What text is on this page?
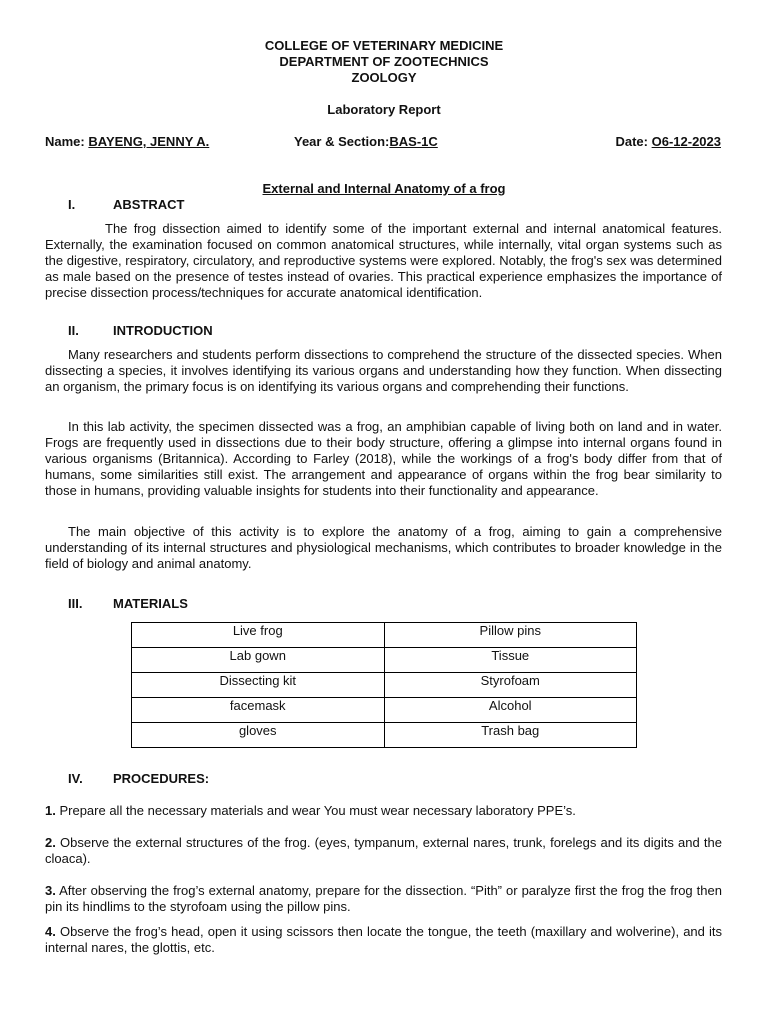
COLLEGE OF VETERINARY MEDICINE
DEPARTMENT OF ZOOTECHNICS
ZOOLOGY
Laboratory Report
Name: BAYENG, JENNY A.	Year & Section:BAS-1C	Date: O6-12-2023
External and Internal Anatomy of a frog
I.	ABSTRACT

The frog dissection aimed to identify some of the important external and internal anatomical features. Externally, the examination focused on common anatomical structures, while internally, vital organ systems such as the digestive, respiratory, circulatory, and reproductive systems were explored. Notably, the frog's sex was determined as male based on the presence of testes instead of ovaries. This practical experience emphasizes the importance of precise dissection process/techniques for accurate anatomical identification.

II.	INTRODUCTION

Many researchers and students perform dissections to comprehend the structure of the dissected species. When dissecting a species, it involves identifying its various organs and understanding how they function. When dissecting an organism, the primary focus is on identifying its various organs and comprehending their functions.

In this lab activity, the specimen dissected was a frog, an amphibian capable of living both on land and in water. Frogs are frequently used in dissections due to their body structure, offering a glimpse into internal organs found in various organisms (Britannica). According to Farley (2018), while the workings of a frog's body differ from that of humans, some similarities still exist. The arrangement and appearance of organs within the frog bear similarity to those in humans, providing valuable insights for students into their functionality and appearance.

The main objective of this activity is to explore the anatomy of a frog, aiming to gain a comprehensive understanding of its internal structures and physiological mechanisms, which contributes to broader knowledge in the field of biology and animal anatomy.

III. MATERIALS
Live frog	Pillow pins
Lab gown	Tissue
Dissecting kit	Styrofoam
facemask	Alcohol
gloves	Trash bag
IV. PROCEDURES:

1. Prepare all the necessary materials and wear You must wear necessary laboratory PPE’s.

2. Observe the external structures of the frog. (eyes, tympanum, external nares, trunk, forelegs and its digits and the cloaca).

3. After observing the frog’s external anatomy, prepare for the dissection. “Pith” or paralyze first the frog the frog then pin its hindlims to the styrofoam using the pillow pins.

4. Observe the frog’s head, open it using scissors then locate the tongue, the teeth (maxillary and wolverine), and its internal nares, the glottis, etc.
